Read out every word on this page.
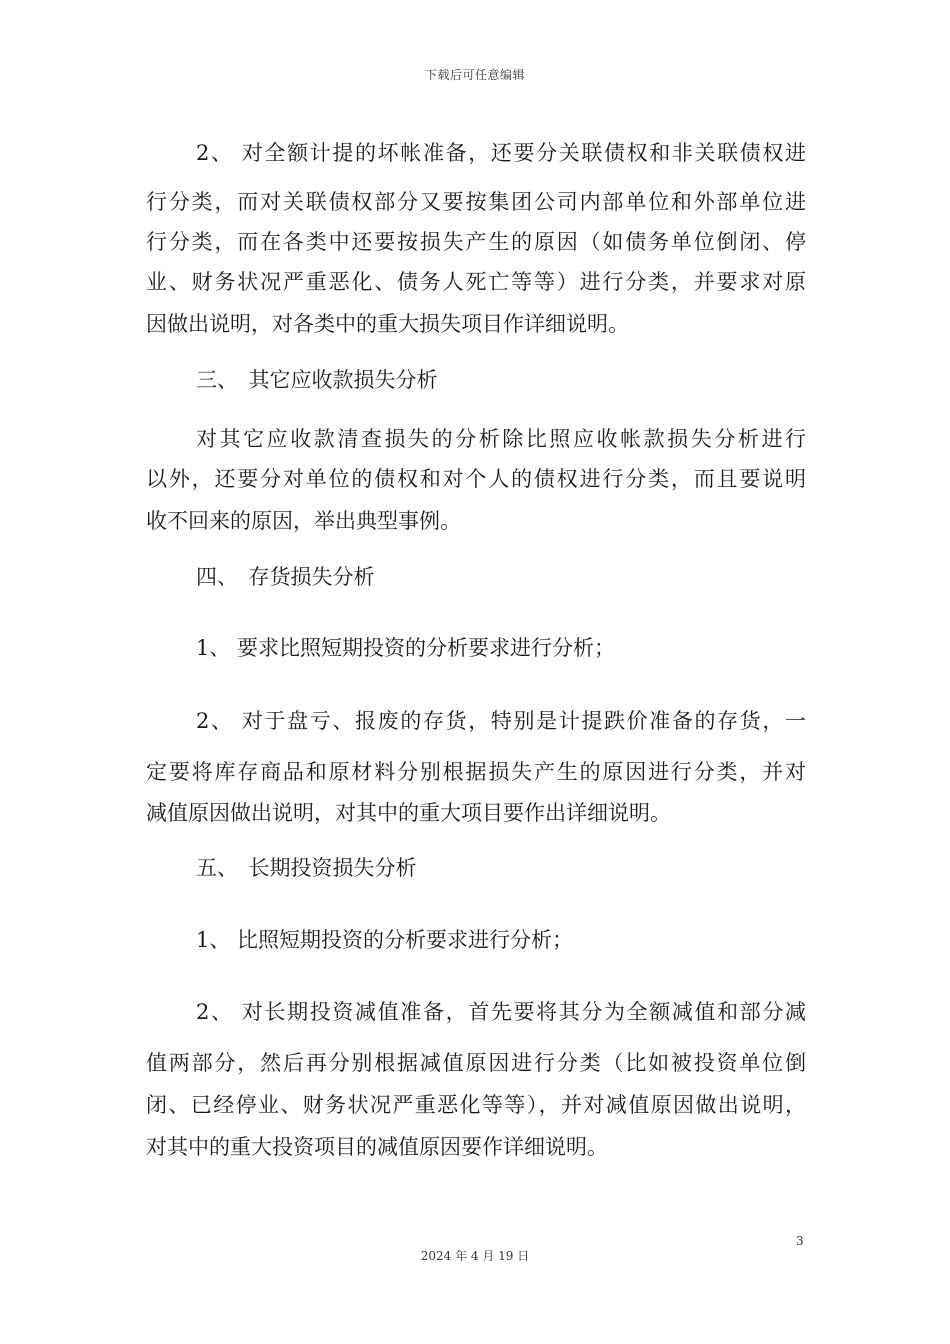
下载后可任意编辑
2、 对全额计提的坏帐准备，还要分关联债权和非关联债权进
行分类，而对关联债权部分又要按集团公司内部单位和外部单位进
行分类，而在各类中还要按损失产生的原因（如债务单位倒闭、停
业、财务状况严重恶化、债务人死亡等等）进行分类，并要求对原
因做出说明，对各类中的重大损失项目作详细说明。
三、　其它应收款损失分析
对其它应收款清查损失的分析除比照应收帐款损失分析进行
以外，还要分对单位的债权和对个人的债权进行分类，而且要说明
收不回来的原因，举出典型事例。
四、　存货损失分析
1、 要求比照短期投资的分析要求进行分析；
2、 对于盘亏、报废的存货，特别是计提跌价准备的存货，一
定要将库存商品和原材料分别根据损失产生的原因进行分类，并对
减值原因做出说明，对其中的重大项目要作出详细说明。
五、　长期投资损失分析
1、 比照短期投资的分析要求进行分析；
2、 对长期投资减值准备，首先要将其分为全额减值和部分减
值两部分，然后再分别根据减值原因进行分类（比如被投资单位倒
闭、已经停业、财务状况严重恶化等等），并对减值原因做出说明，
对其中的重大投资项目的减值原因要作详细说明。
3
2024 年 4 月 19 日
